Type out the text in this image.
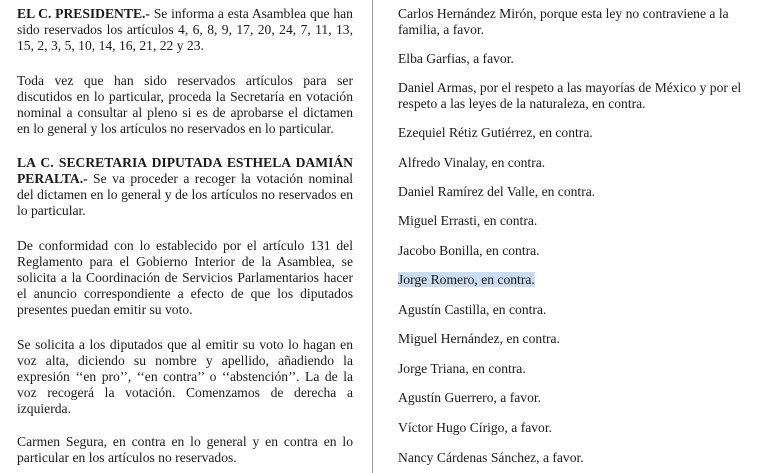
EL C. PRESIDENTE.- Se informa a esta Asamblea que han sido reservados los artículos 4, 6, 8, 9, 17, 20, 24, 7, 11, 13, 15, 2, 3, 5, 10, 14, 16, 21, 22 y 23.

Toda vez que han sido reservados artículos para ser discutidos en lo particular, proceda la Secretaría en votación nominal a consultar al pleno si es de aprobarse el dictamen en lo general y los artículos no reservados en lo particular.

LA C. SECRETARIA DIPUTADA ESTHELA DAMIÁN PERALTA.- Se va proceder a recoger la votación nominal del dictamen en lo general y de los artículos no reservados en lo particular.

De conformidad con lo establecido por el artículo 131 del Reglamento para el Gobierno Interior de la Asamblea, se solicita a la Coordinación de Servicios Parlamentarios hacer el anuncio correspondiente a efecto de que los diputados presentes puedan emitir su voto.

Se solicita a los diputados que al emitir su voto lo hagan en voz alta, diciendo su nombre y apellido, añadiendo la expresión ‘‘en pro’’, ‘‘en contra’’ o ‘‘abstención’’. La de la voz recogerá la votación. Comenzamos de derecha a izquierda.

Carmen Segura, en contra en lo general y en contra en lo particular en los artículos no reservados.

Carlos Hernández Mirón, porque esta ley no contraviene a la familia, a favor.

Elba Garfias, a favor.

Daniel Armas, por el respeto a las mayorías de México y por el respeto a las leyes de la naturaleza, en contra.

Ezequiel Rétiz Gutiérrez, en contra.

Alfredo Vinalay, en contra.

Daniel Ramírez del Valle, en contra.

Miguel Errasti, en contra.

Jacobo Bonilla, en contra.

Jorge Romero, en contra.

Agustín Castilla, en contra.

Miguel Hernández, en contra.

Jorge Triana, en contra.

Agustín Guerrero, a favor.

Víctor Hugo Círigo, a favor.

Nancy Cárdenas Sánchez, a favor.
